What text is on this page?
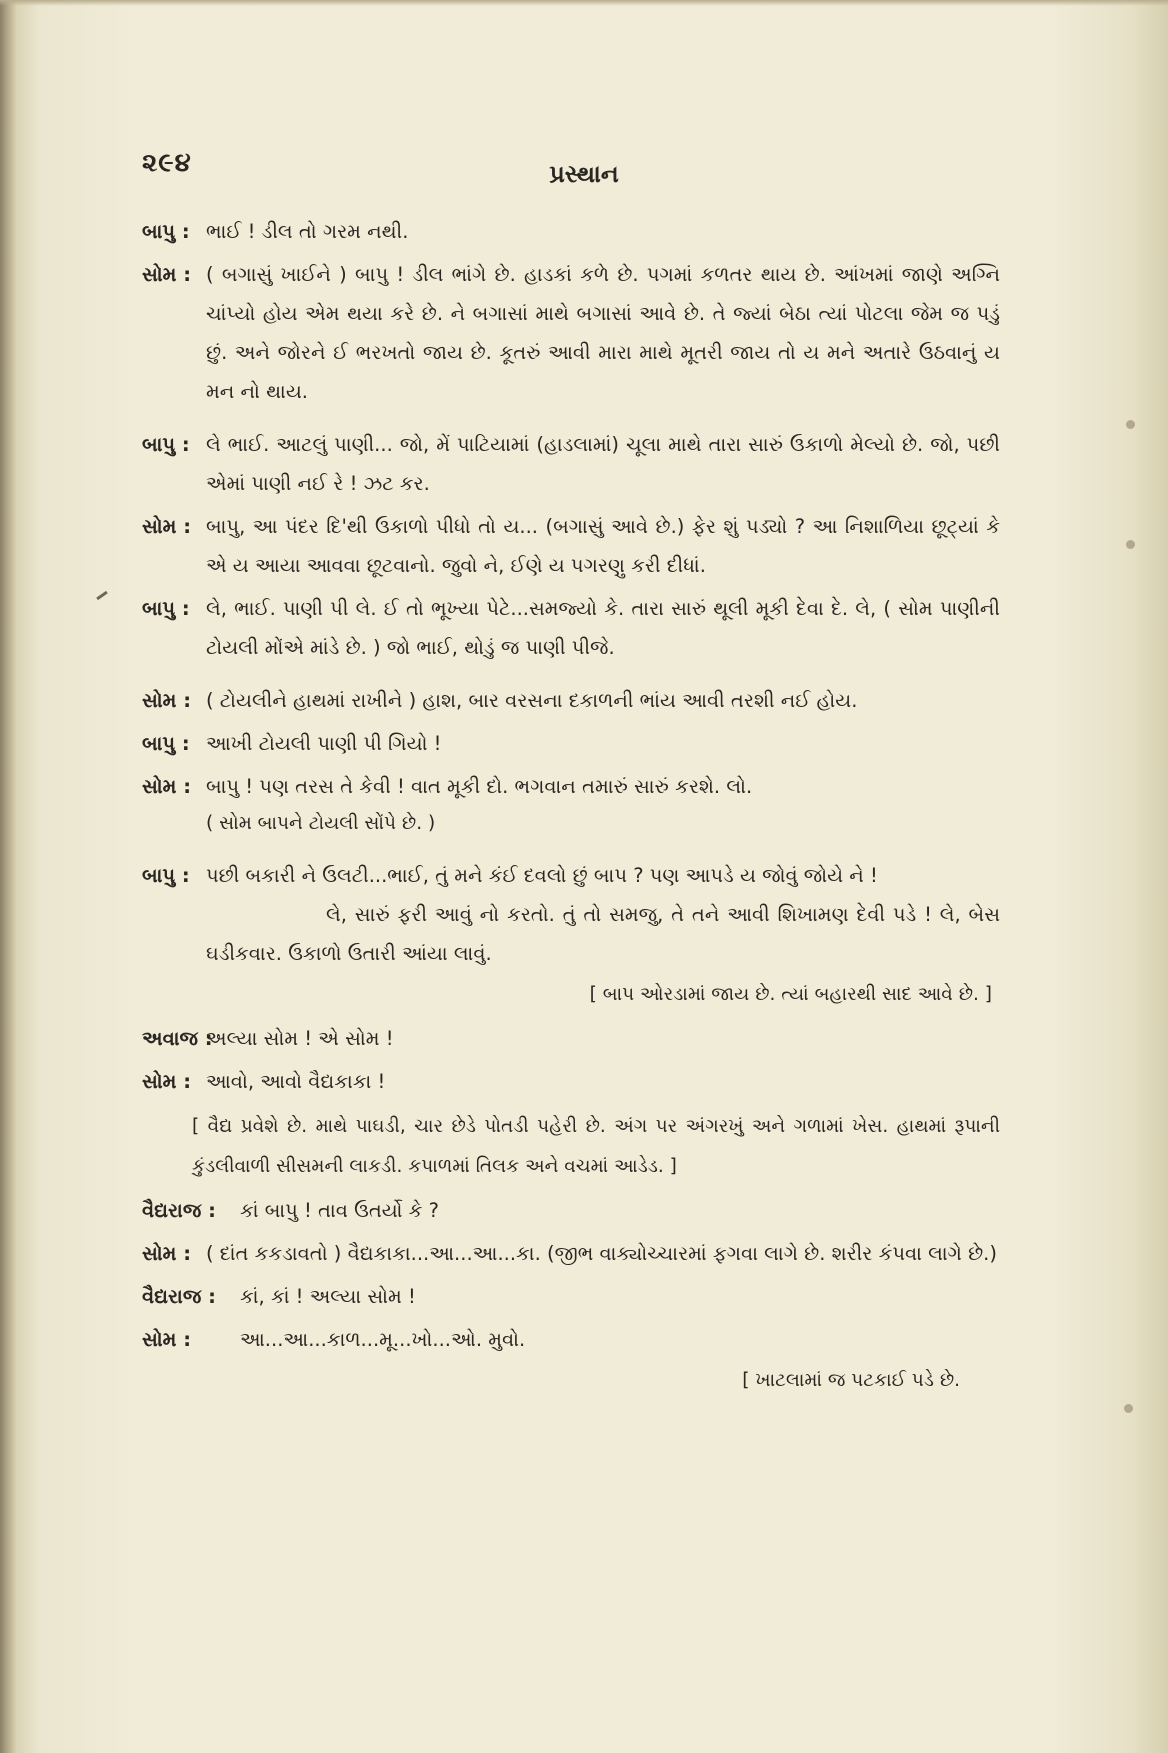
૨૯૪	પ્રસ્થાન
બાપુ :	ભાઈ ! ડીલ તો ગરમ નથી.
સોમ :	( બગાસું ખાઈને ) બાપુ ! ડીલ ભાંગે છે. હાડકાં કળે છે. પગમાં કળતર થાય છે. આંખમાં જાણે અગ્નિ ચાંપ્યો હોય એમ થયા કરે છે. ને બગાસાં માથે બગાસાં આવે છે. તે જ્યાં બેઠા ત્યાં પોટલા જેમ જ પડું છું. અને જોરને ઈ ભરખતો જાય છે. કૂતરું આવી મારા માથે મૂતરી જાય તો ય મને અતારે ઉઠવાનું ય મન નો થાય.
બાપુ :	લે ભાઈ. આટલું પાણી... જો, મેં પાટિયામાં (હાડલામાં) ચૂલા માથે તારા સારું ઉકાળો મેલ્યો છે. જો, પછી એમાં પાણી નઈ રે ! ઝટ કર.
સોમ :	બાપુ, આ પંદર દિ'થી ઉકાળો પીધો તો ય... (બગાસું આવે છે.) ફેર શું પડ્યો ? આ નિશાળિયા છૂટ્યાં કે એ ય આયા આવવા છૂટવાનો. જુવો ને, ઈણે ય પગરણુ કરી દીધાં.
બાપુ :	લે, ભાઈ. પાણી પી લે. ઈ તો ભૂખ્યા પેટે...સમજ્યો કે. તારા સારું થૂલી મૂકી દેવા દે. લે, ( સોમ પાણીની ટોયલી મોંએ માંડે છે. ) જો ભાઈ, થોડું જ પાણી પીજે.
સોમ :	( ટોયલીને હાથમાં રાખીને ) હાશ, બાર વરસના દકાળની ભાંય આવી તરશી નઈ હોય.
બાપુ :	આખી ટોયલી પાણી પી ગિયો !
સોમ :	બાપુ ! પણ તરસ તે કેવી ! વાત મૂકી દો. ભગવાન તમારું સારું કરશે. લો.
( સોમ બાપને ટોયલી સોંપે છે. )
બાપુ :	પછી બકારી ને ઉલટી...ભાઈ, તું મને કંઈ દવલો છું બાપ ? પણ આપડે ય જોવું જોયે ને !
લે, સારું ફરી આવું નો કરતો. તું તો સમજુ, તે તને આવી શિખામણ દેવી પડે ! લે, બેસ ઘડીકવાર. ઉકાળો ઉતારી આંયા લાવું.
[ બાપ ઓરડામાં જાય છે. ત્યાં બહારથી સાદ આવે છે. ]
અવાજ : અલ્યા સોમ ! એ સોમ !
સોમ :	આવો, આવો વૈદ્યકાકા !
[ વૈદ્ય પ્રવેશે છે. માથે પાઘડી, ચાર છેડે પોતડી પહેરી છે. અંગ પર અંગરખું અને ગળામાં ખેસ. હાથમાં રૂપાની કુંડલીવાળી સીસમની લાકડી. કપાળમાં તિલક અને વચમાં આડેડ. ]
વૈદ્યરાજ :	કાં બાપુ ! તાવ ઉતર્યો કે ?
સોમ :	( દાંત કકડાવતો ) વૈદ્યકાકા...આ...આ...કા. (જીભ વાક્યોચ્ચારમાં ફગવા લાગે છે. શરીર કંપવા લાગે છે.)
વૈદ્યરાજ :	કાં, કાં ! અલ્યા સોમ !
સોમ :	આ...આ...કાળ...મૂ...ખો...ઓ. મુવો.
[ ખાટલામાં જ પટકાઈ પડે છે.
